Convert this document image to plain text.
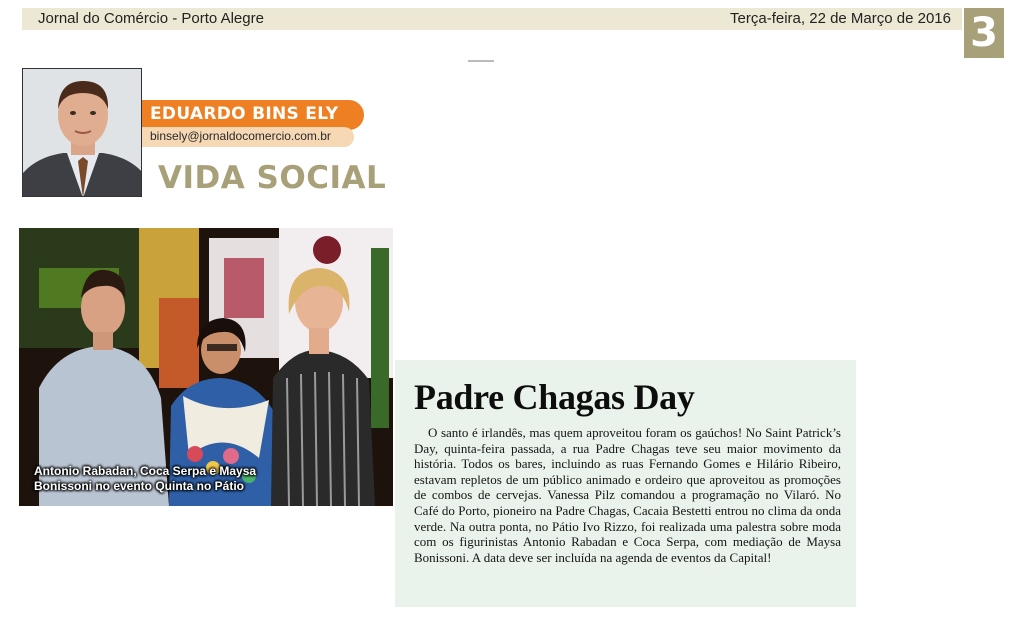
Jornal do Comércio - Porto Alegre	Terça-feira, 22 de Março de 2016 3
EDUARDO BINS ELY
binsely@jornaldocomercio.com.br
VIDA SOCIAL
Antonio Rabadan, Coca Serpa e Maysa Bonissoni no evento Quinta no Pátio
Padre Chagas Day

O santo é irlandês, mas quem aproveitou foram os gaúchos! No Saint Patrick’s Day, quinta-feira passada, a rua Padre Chagas teve seu maior movimento da história. Todos os bares, incluindo as ruas Fernando Gomes e Hilário Ribeiro, estavam repletos de um público animado e ordeiro que aproveitou as promoções de combos de cervejas. Vanessa Pilz comandou a programação no Vilaró. No Café do Porto, pioneiro na Padre Chagas, Cacaia Bestetti entrou no clima da onda verde. Na outra ponta, no Pátio Ivo Rizzo, foi realizada uma palestra sobre moda com os figurinistas Antonio Rabadan e Coca Serpa, com mediação de Maysa Bonissoni. A data deve ser incluída na agenda de eventos da Capital!
